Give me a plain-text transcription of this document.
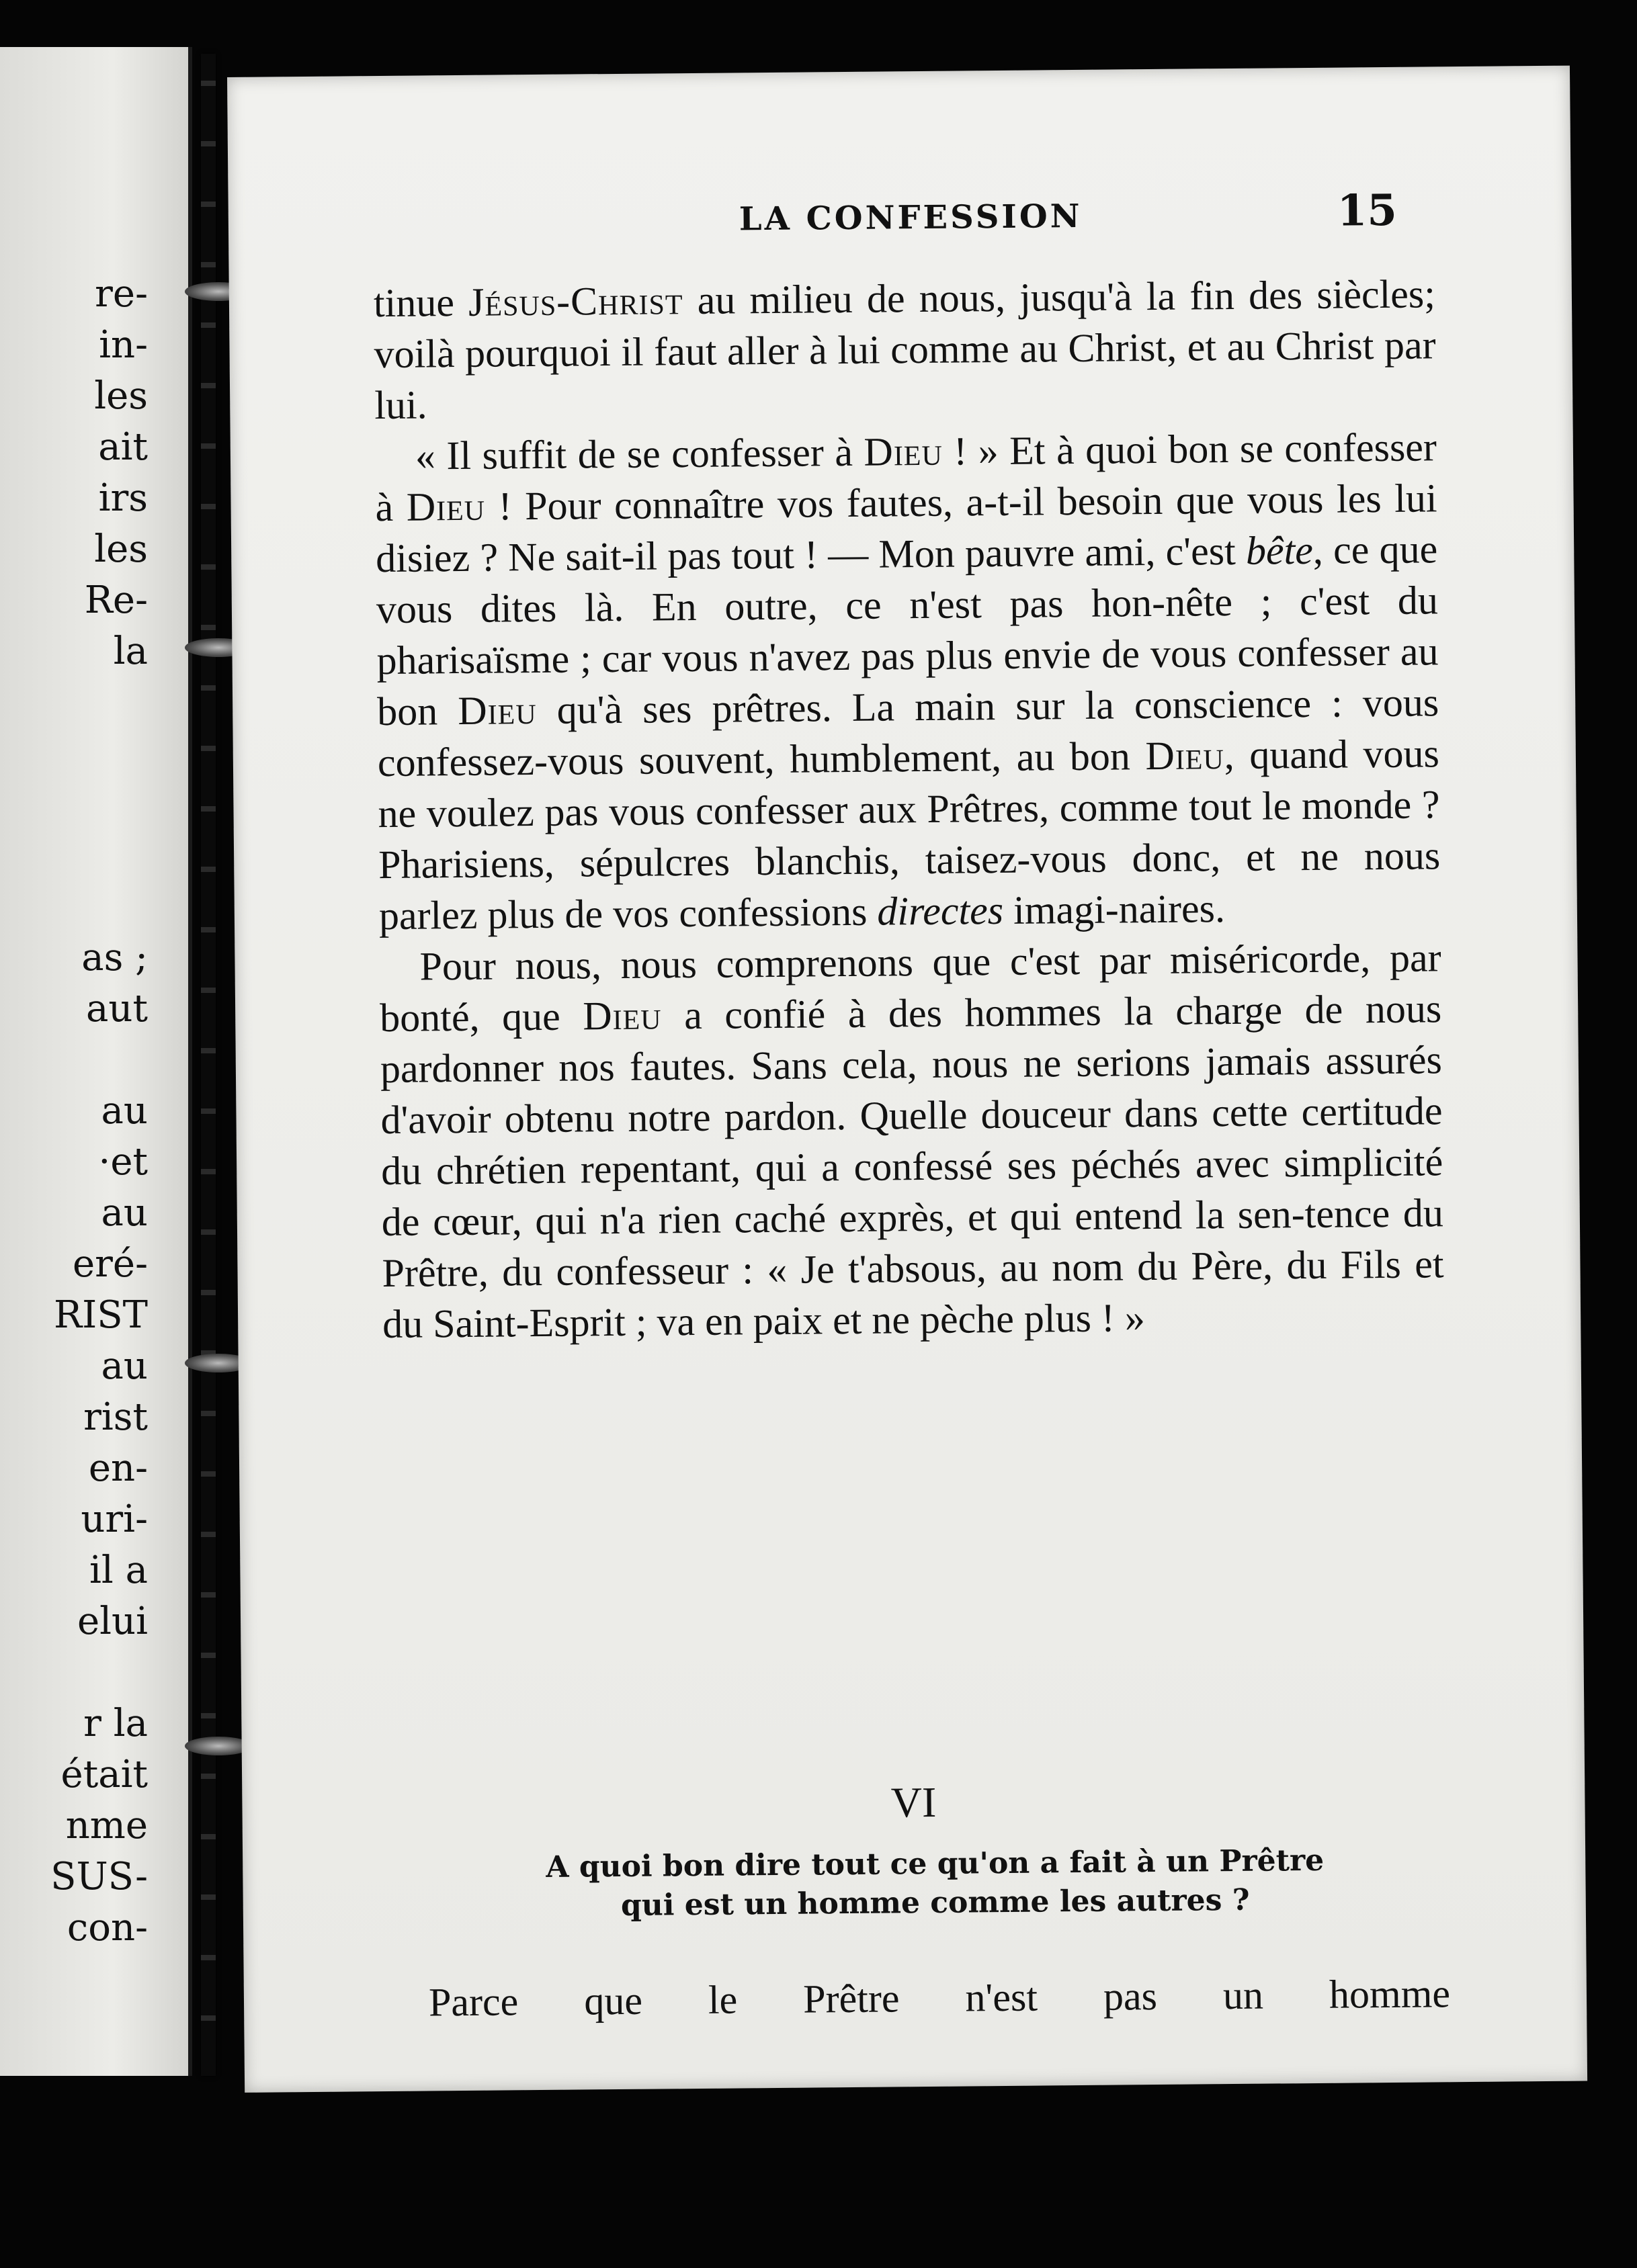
re-
in-
les
ait
irs
les
Re-
la
as ;
aut
au
·et
au
eré-
RIST
au
rist
en-
uri-
il a
elui
r la
était
nme
SUS-
con-
LA CONFESSION	15

tinue Jésus-Christ au milieu de nous, jusqu'à la fin des siècles; voilà pourquoi il faut aller à lui comme au Christ, et au Christ par lui.

« Il suffit de se confesser à Dieu ! » Et à quoi bon se confesser à Dieu ! Pour connaître vos fautes, a-t-il besoin que vous les lui disiez ? Ne sait-il pas tout ! — Mon pauvre ami, c'est bête, ce que vous dites là. En outre, ce n'est pas hon-nête ; c'est du pharisaïsme ; car vous n'avez pas plus envie de vous confesser au bon Dieu qu'à ses prêtres. La main sur la conscience : vous confessez-vous souvent, humblement, au bon Dieu, quand vous ne voulez pas vous confesser aux Prêtres, comme tout le monde ? Pharisiens, sépulcres blanchis, taisez-vous donc, et ne nous parlez plus de vos confessions directes imagi-naires.

Pour nous, nous comprenons que c'est par miséricorde, par bonté, que Dieu a confié à des hommes la charge de nous pardonner nos fautes. Sans cela, nous ne serions jamais assurés d'avoir obtenu notre pardon. Quelle douceur dans cette certitude du chrétien repentant, qui a confessé ses péchés avec simplicité de cœur, qui n'a rien caché exprès, et qui entend la sen-tence du Prêtre, du confesseur : « Je t'absous, au nom du Père, du Fils et du Saint-Esprit ; va en paix et ne pèche plus ! »

VI
A quoi bon dire tout ce qu'on a fait à un Prêtre
qui est un homme comme les autres ?
Parce que le Prêtre n'est pas un homme
